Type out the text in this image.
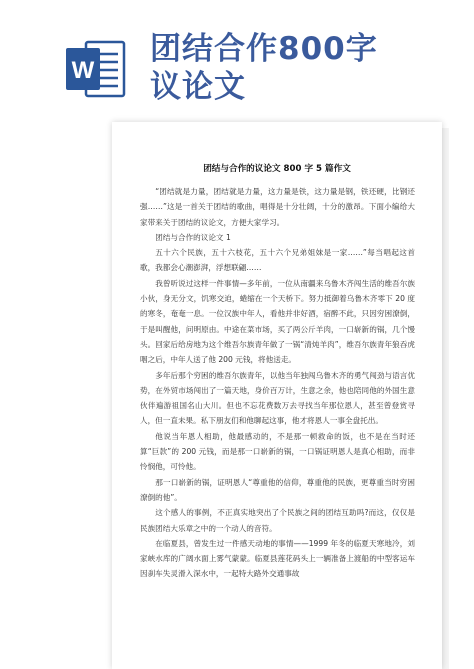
W
团结合作800字
议论文
团结与合作的议论文 800 字 5 篇作文

“团结就是力量，团结就是力量，这力量是铁，这力量是钢，铁还硬，比钢还强……”这是一首关于团结的歌曲，唱得是十分壮阔，十分的激昂。下面小编给大家带来关于团结的议论文，方便大家学习。

团结与合作的议论文 1

五十六个民族，五十六枝花，五十六个兄弟姐妹是一家……”每当唱起这首歌，我都会心潮澎湃，浮想联翩……

我曾听说过这样一件事情—多年前，一位从南疆来乌鲁木齐闯生活的维吾尔族小伙，身无分文，饥寒交迫，蜷缩在一个天桥下。努力抵御着乌鲁木齐零下 20 度的寒冬，奄奄一息。一位汉族中年人，看他并非好酒，宿醉不此，只因穷困潦倒，于是叫醒他，问明原由。中途在菜市场，买了两公斤羊肉，一口崭新的锅，几个馒头。回家后给房地为这个维吾尔族青年做了一锅“清炖羊肉”，维吾尔族青年狼吞虎咽之后，中年人送了他 200 元钱，将他送走。

多年后那个穷困的维吾尔族青年，以他当年独闯乌鲁木齐的勇气闯劲与语言优势，在外贸市场闯出了一篇天地，身价百万计，生意之余，他也陪同他的外国生意伙伴遍游祖国名山大川。但也不忘花费数万去寻找当年那位恩人，甚至曾登赏寻人，但一直未果。私下朋友们和他聊起这事，他才将恩人一事全盘托出。

他说当年恩人相助，他最感动的，不是那一顿救命的饭，也不是在当时还算“巨款”的 200 元钱，而是那一口崭新的锅，一口锅证明恩人是真心相助，而非怜悯他，可怜他。

那一口崭新的锅，证明恩人“尊重他的信仰，尊重他的民族，更尊重当时穷困潦倒的他”。

这个感人的事例，不正真实地突出了个民族之间的团结互助吗?而这，仅仅是民族团结大乐章之中的一个动人的音符。

在临夏县，曾发生过一件感天动地的事情——1999 年冬的临夏天寒地冷，刘家峡水库的广阔水面上雾气蒙蒙。临夏县莲花码头上一辆准备上渡船的中型客运车因刹车失灵滑入深水中，一起特大路外交通事故
